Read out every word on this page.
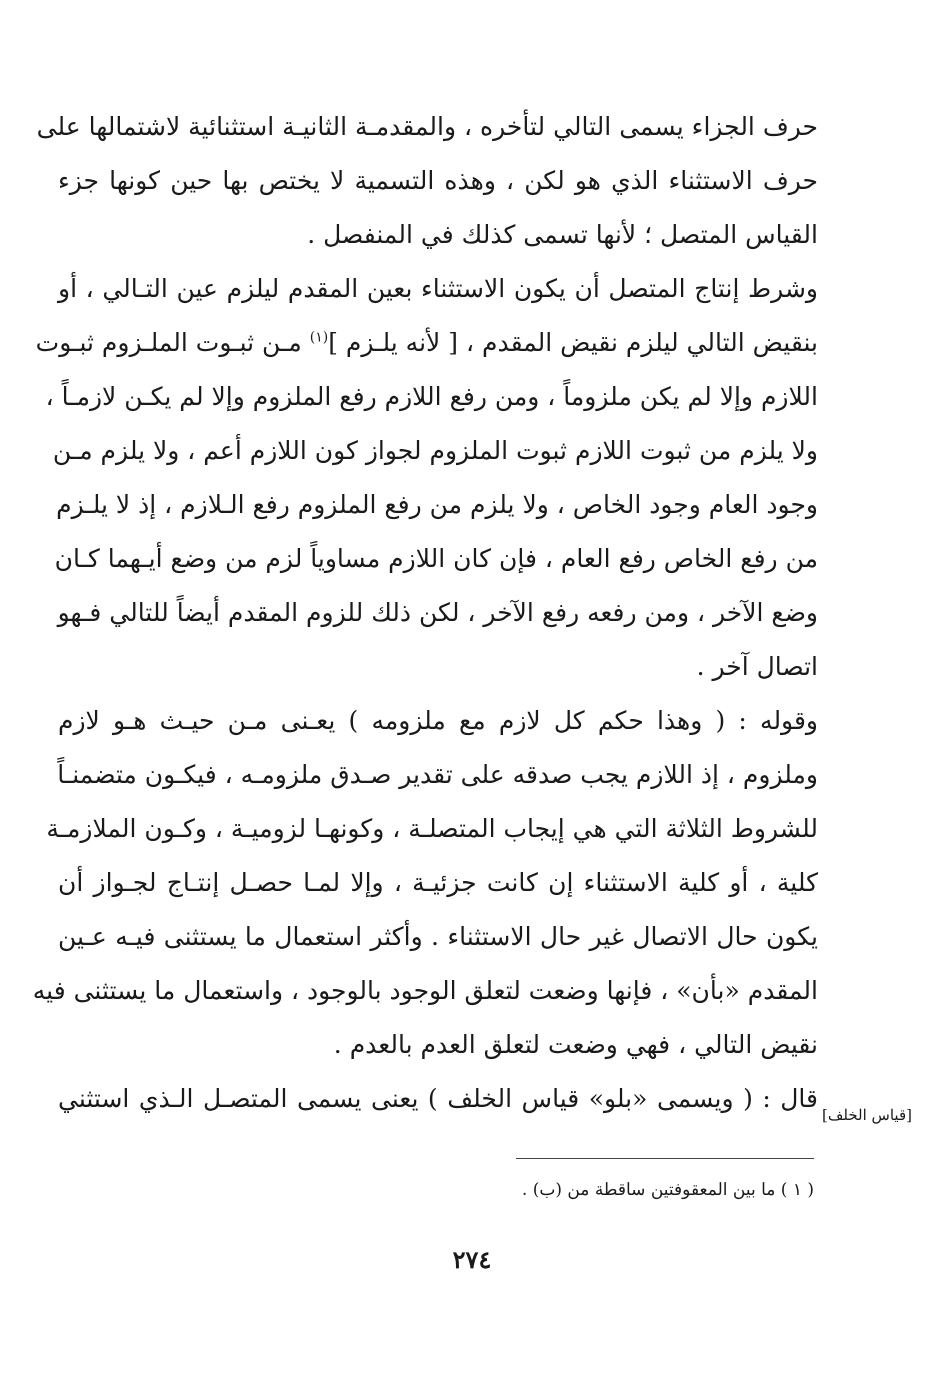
حرف الجزاء يسمى التالي لتأخره ، والمقدمـة الثانيـة استثنائية لاشتمالها على
حرف الاستثناء الذي هو لكن ، وهذه التسمية لا يختص بها حين كونها جزء
القياس المتصل ؛ لأنها تسمى كذلك في المنفصل .
وشرط إنتاج المتصل أن يكون الاستثناء بعين المقدم ليلزم عين التـالي ، أو
بنقيض التالي ليلزم نقيض المقدم ، [ لأنه يلـزم ]$^{(١)}$ مـن ثبـوت الملـزوم ثبـوت
اللازم وإلا لم يكن ملزوماً ، ومن رفع اللازم رفع الملزوم وإلا لم يكـن لازمـاً ،
ولا يلزم من ثبوت اللازم ثبوت الملزوم لجواز كون اللازم أعم ، ولا يلزم مـن
وجود العام وجود الخاص ، ولا يلزم من رفع الملزوم رفع الـلازم ، إذ لا يلـزم
من رفع الخاص رفع العام ، فإن كان اللازم مساوياً لزم من وضع أيـهما كـان
وضع الآخر ، ومن رفعه رفع الآخر ، لكن ذلك للزوم المقدم أيضاً للتالي فـهو
اتصال آخر .
وقوله : ( وهذا حكم كل لازم مع ملزومه ) يعـنى مـن حيـث هـو لازم
وملزوم ، إذ اللازم يجب صدقه على تقدير صـدق ملزومـه ، فيكـون متضمنـاً
للشروط الثلاثة التي هي إيجاب المتصلـة ، وكونهـا لزوميـة ، وكـون الملازمـة
كلية ، أو كلية الاستثناء إن كانت جزئيـة ، وإلا لمـا حصـل إنتـاج لجـواز أن
يكون حال الاتصال غير حال الاستثناء . وأكثر استعمال ما يستثنى فيـه عـين
المقدم «بأن» ، فإنها وضعت لتعلق الوجود بالوجود ، واستعمال ما يستثنى فيه
نقيض التالي ، فهي وضعت لتعلق العدم بالعدم .
قال : ( ويسمى «بلو» قياس الخلف ) يعنى يسمى المتصـل الـذي استثني
[قياس الخلف]
( ١ ) ما بين المعقوفتين ساقطة من (ب) .
٢٧٤
